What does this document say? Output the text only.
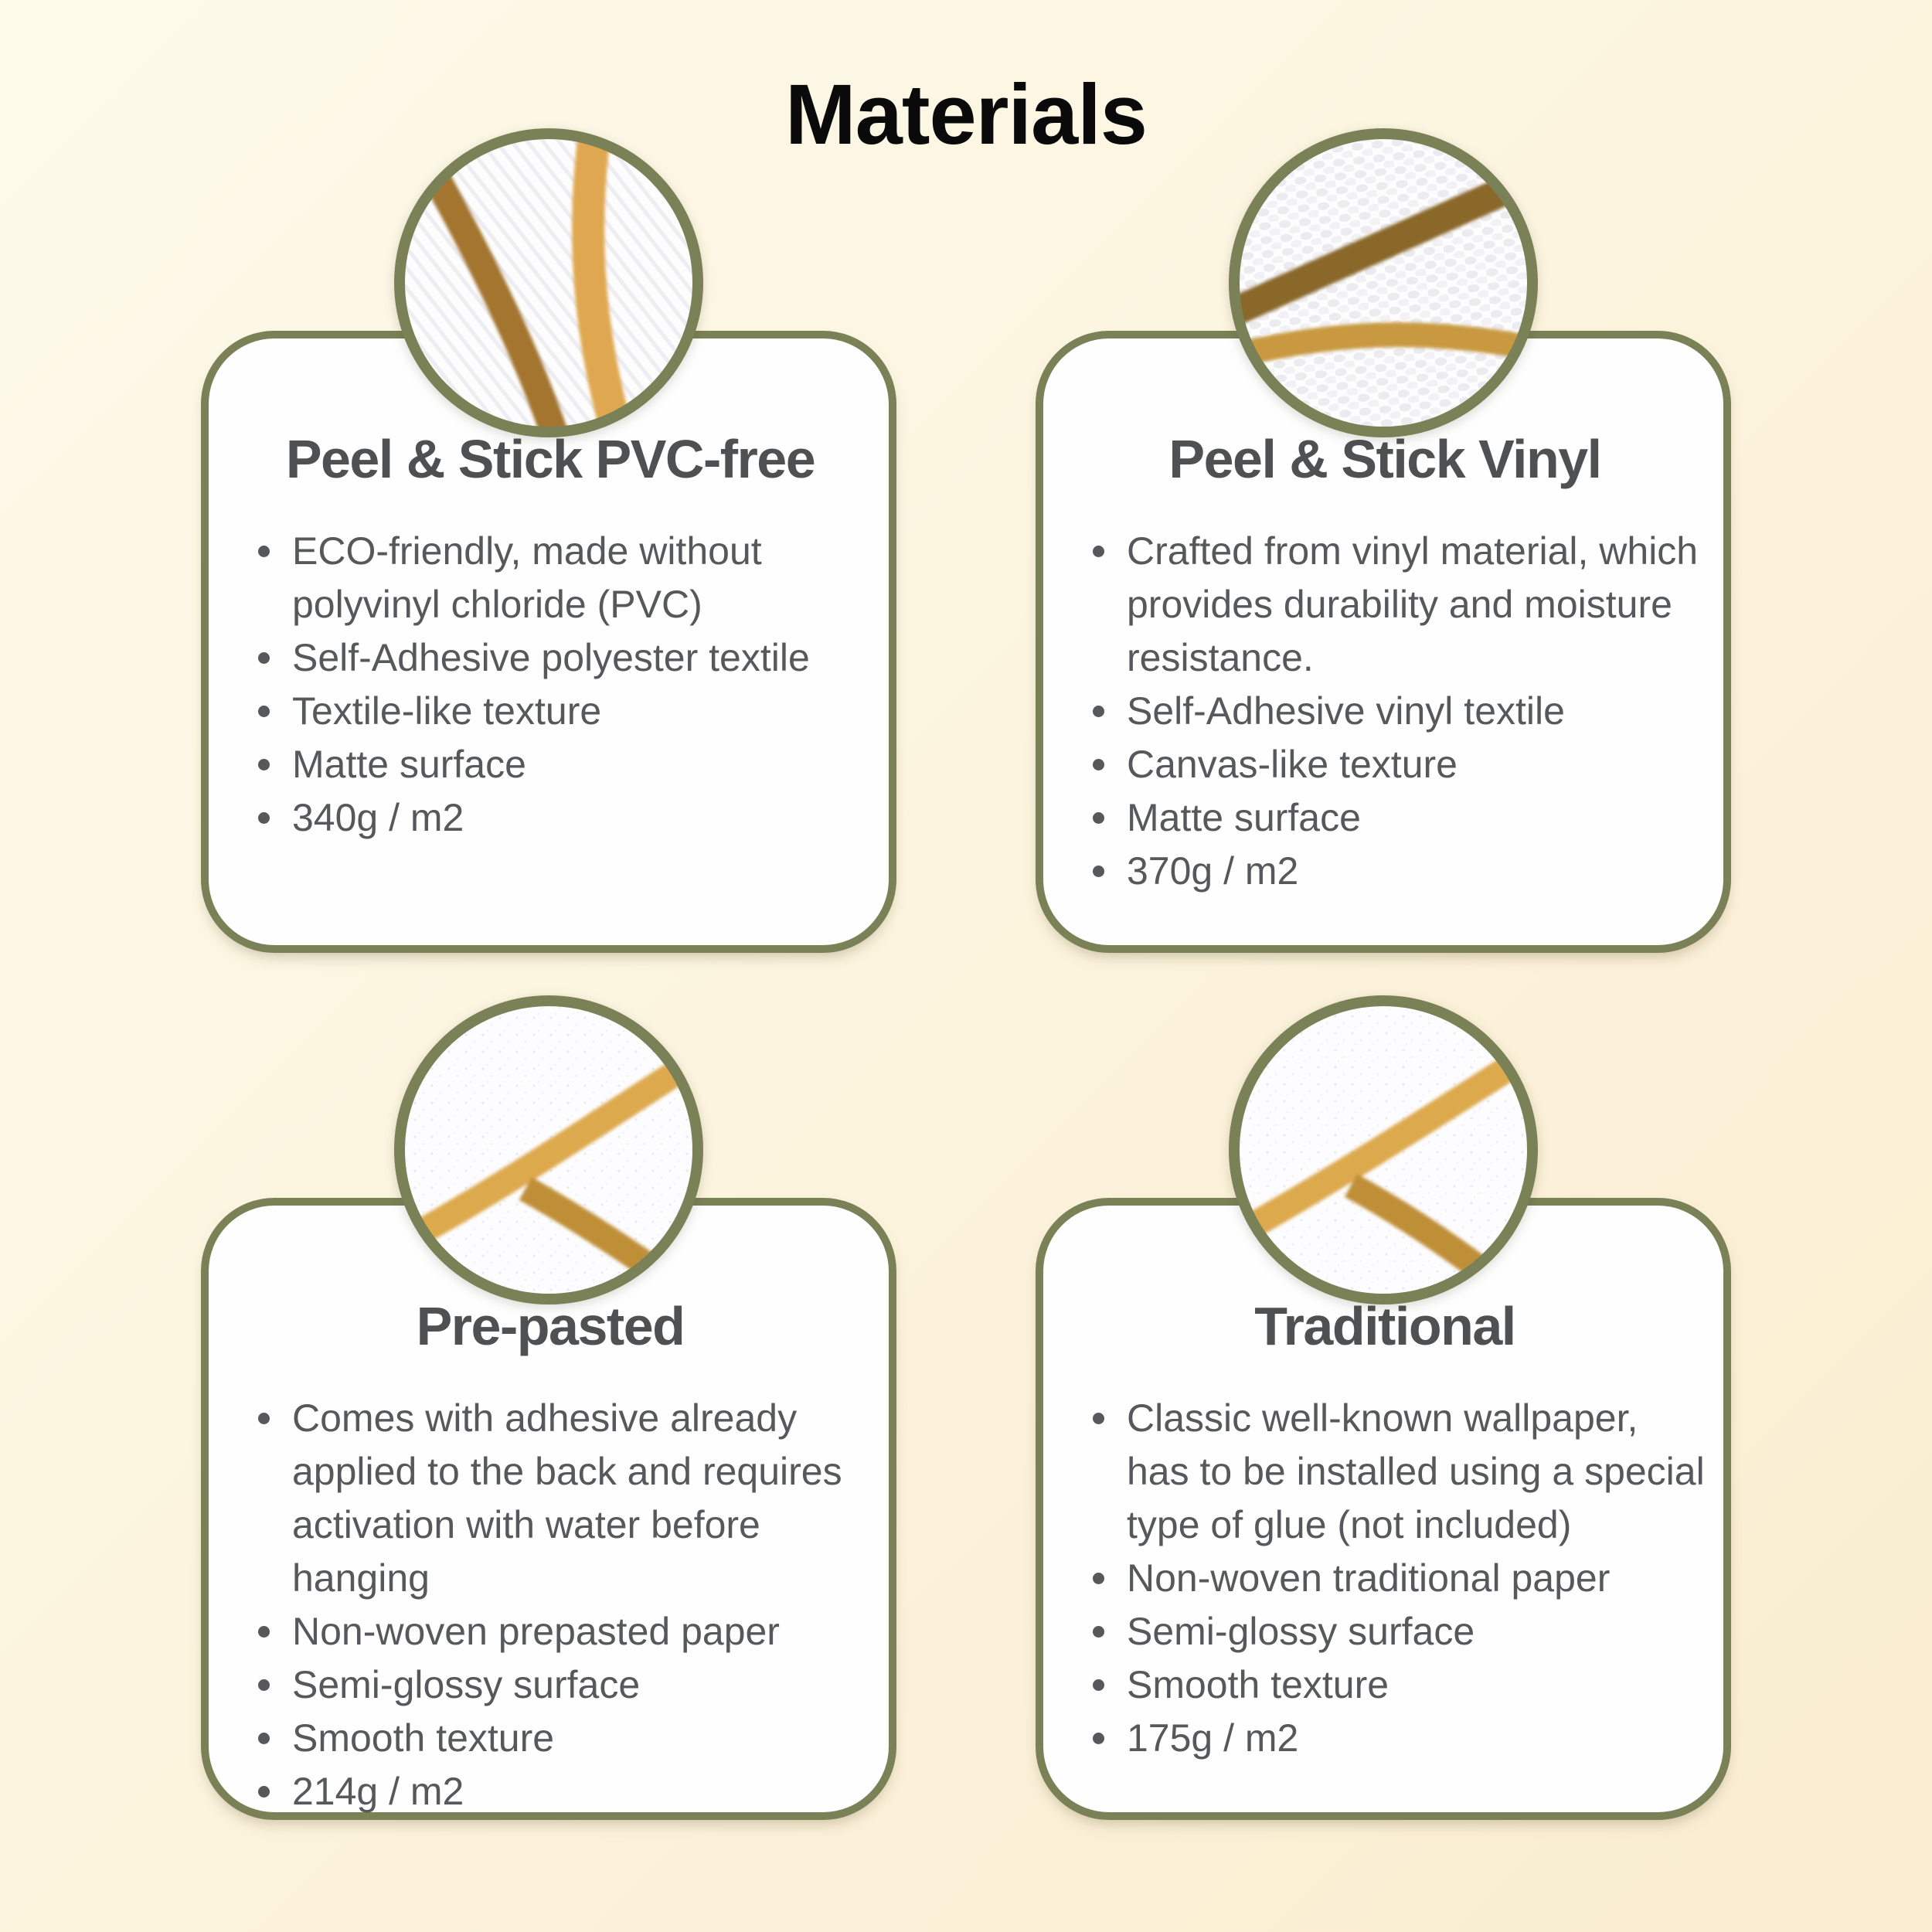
Materials
Peel & Stick PVC-free
ECO-friendly, made without polyvinyl chloride (PVC)
Self-Adhesive polyester textile
Textile-like texture
Matte surface
340g / m2
Peel & Stick Vinyl
Crafted from vinyl material, which provides durability and moisture resistance.
Self-Adhesive vinyl textile
Canvas-like texture
Matte surface
370g / m2
Pre-pasted
Comes with adhesive already applied to the back and requires activation with water before hanging
Non-woven prepasted paper
Semi-glossy surface
Smooth texture
214g / m2
Traditional
Classic well-known wallpaper, has to be installed using a special type of glue (not included)
Non-woven traditional paper
Semi-glossy surface
Smooth texture
175g / m2
